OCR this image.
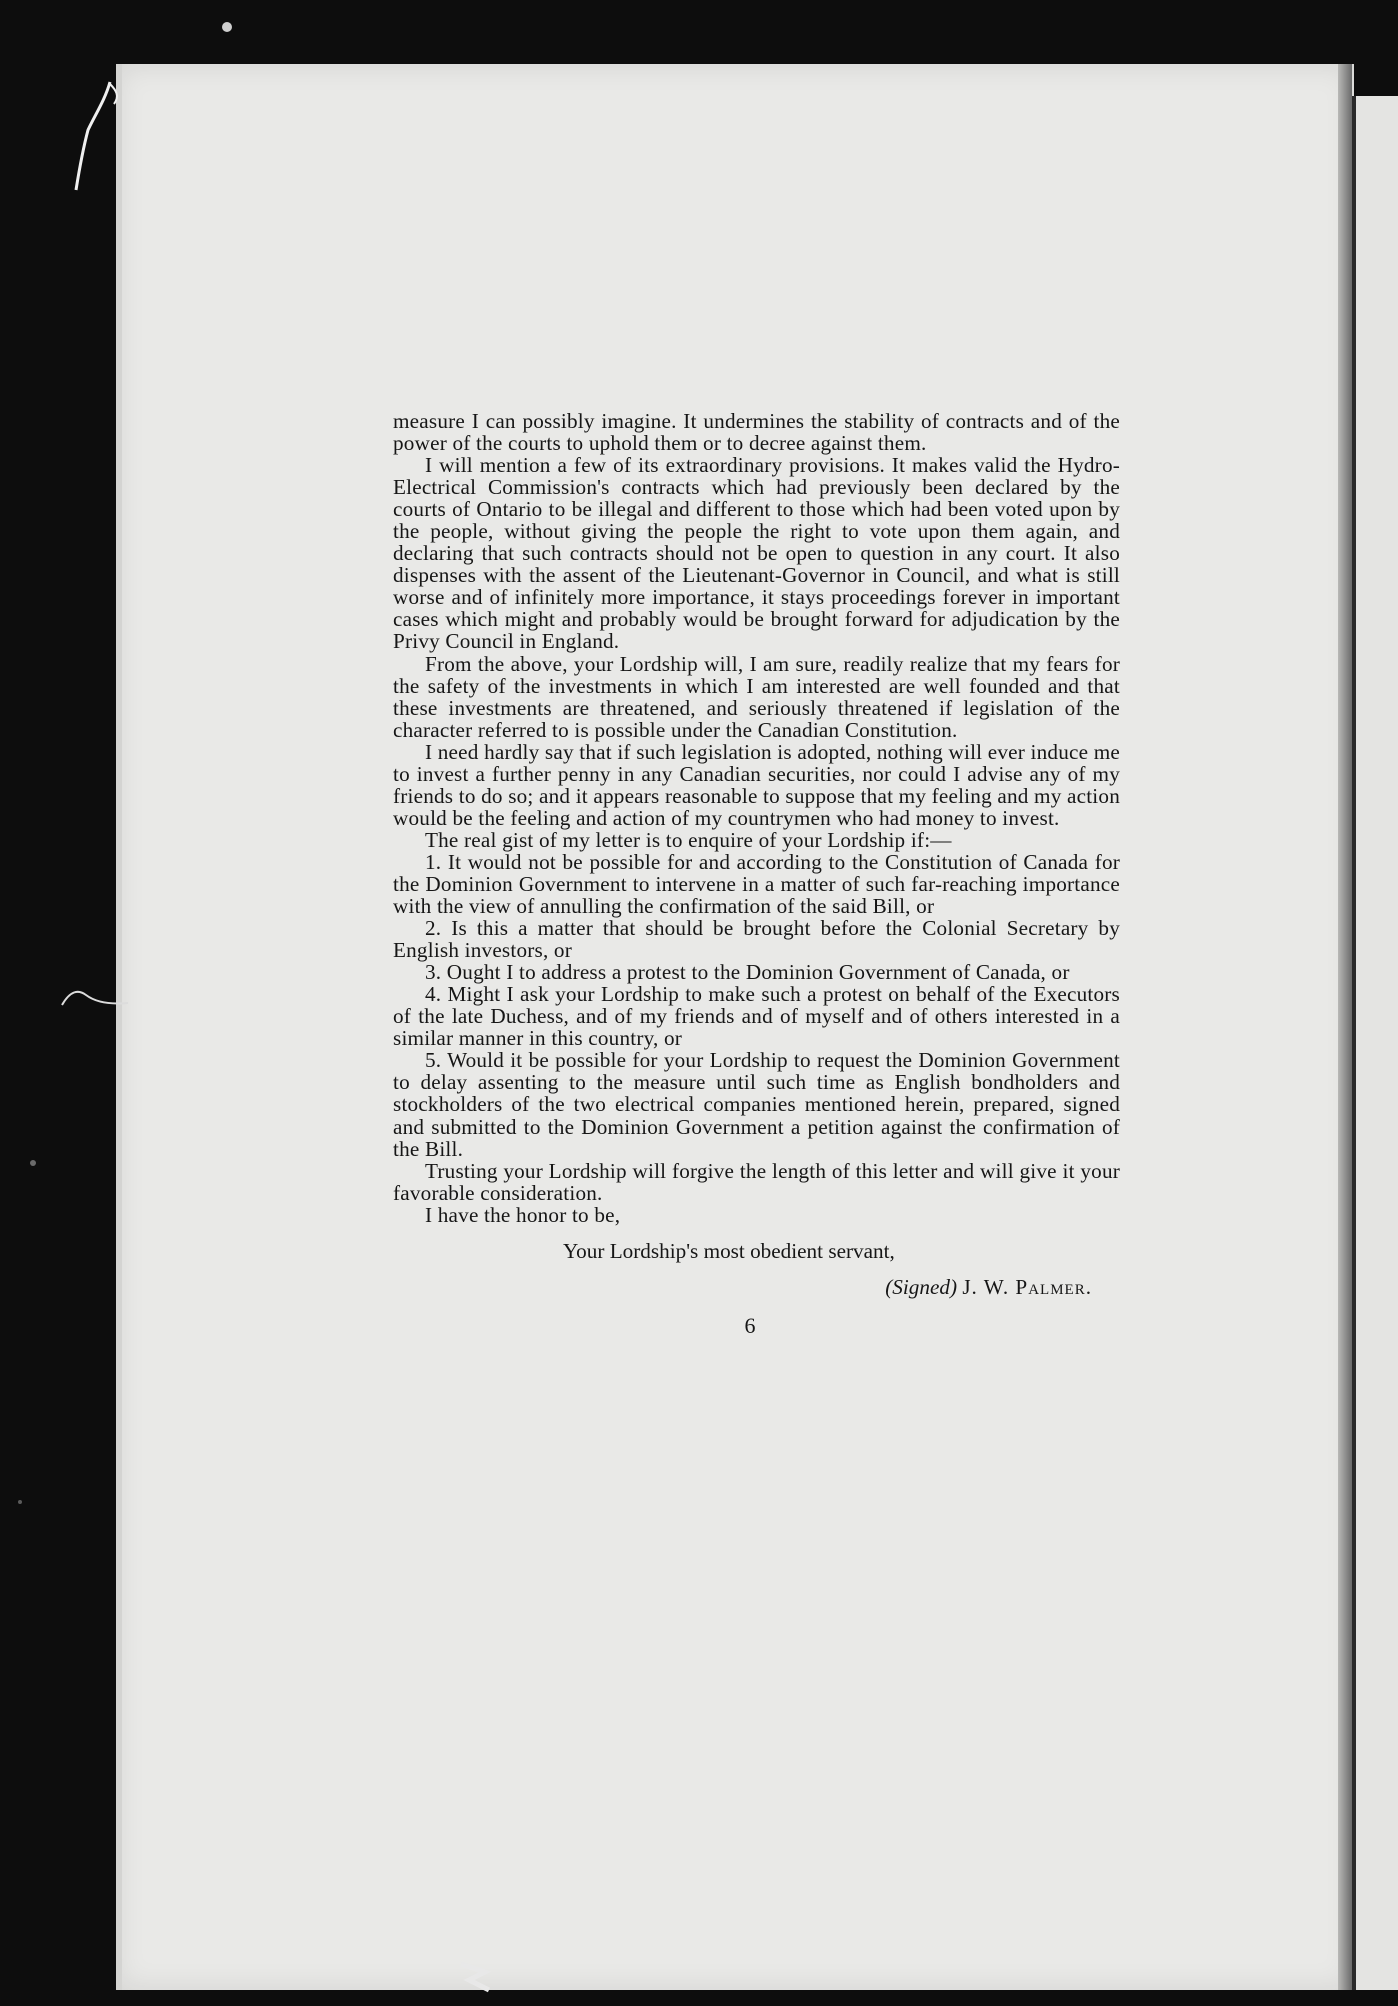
measure I can possibly imagine. It undermines the stability of contracts and of the power of the courts to uphold them or to decree against them.

I will mention a few of its extraordinary provisions. It makes valid the Hydro-Electrical Commission's contracts which had previously been declared by the courts of Ontario to be illegal and different to those which had been voted upon by the people, without giving the people the right to vote upon them again, and declaring that such contracts should not be open to question in any court. It also dispenses with the assent of the Lieutenant-Governor in Council, and what is still worse and of infinitely more importance, it stays proceedings forever in important cases which might and probably would be brought forward for adjudication by the Privy Council in England.

From the above, your Lordship will, I am sure, readily realize that my fears for the safety of the investments in which I am interested are well founded and that these investments are threatened, and seriously threatened if legislation of the character referred to is possible under the Canadian Constitution.

I need hardly say that if such legislation is adopted, nothing will ever induce me to invest a further penny in any Canadian securities, nor could I advise any of my friends to do so; and it appears reasonable to suppose that my feeling and my action would be the feeling and action of my countrymen who had money to invest.

The real gist of my letter is to enquire of your Lordship if:—

1. It would not be possible for and according to the Constitution of Canada for the Dominion Government to intervene in a matter of such far-reaching importance with the view of annulling the confirmation of the said Bill, or

2. Is this a matter that should be brought before the Colonial Secretary by English investors, or

3. Ought I to address a protest to the Dominion Government of Canada, or

4. Might I ask your Lordship to make such a protest on behalf of the Executors of the late Duchess, and of my friends and of myself and of others interested in a similar manner in this country, or

5. Would it be possible for your Lordship to request the Dominion Government to delay assenting to the measure until such time as English bondholders and stockholders of the two electrical companies mentioned herein, prepared, signed and submitted to the Dominion Government a petition against the confirmation of the Bill.

Trusting your Lordship will forgive the length of this letter and will give it your favorable consideration.

I have the honor to be,

Your Lordship's most obedient servant,
(Signed) J. W. Palmer.
6
